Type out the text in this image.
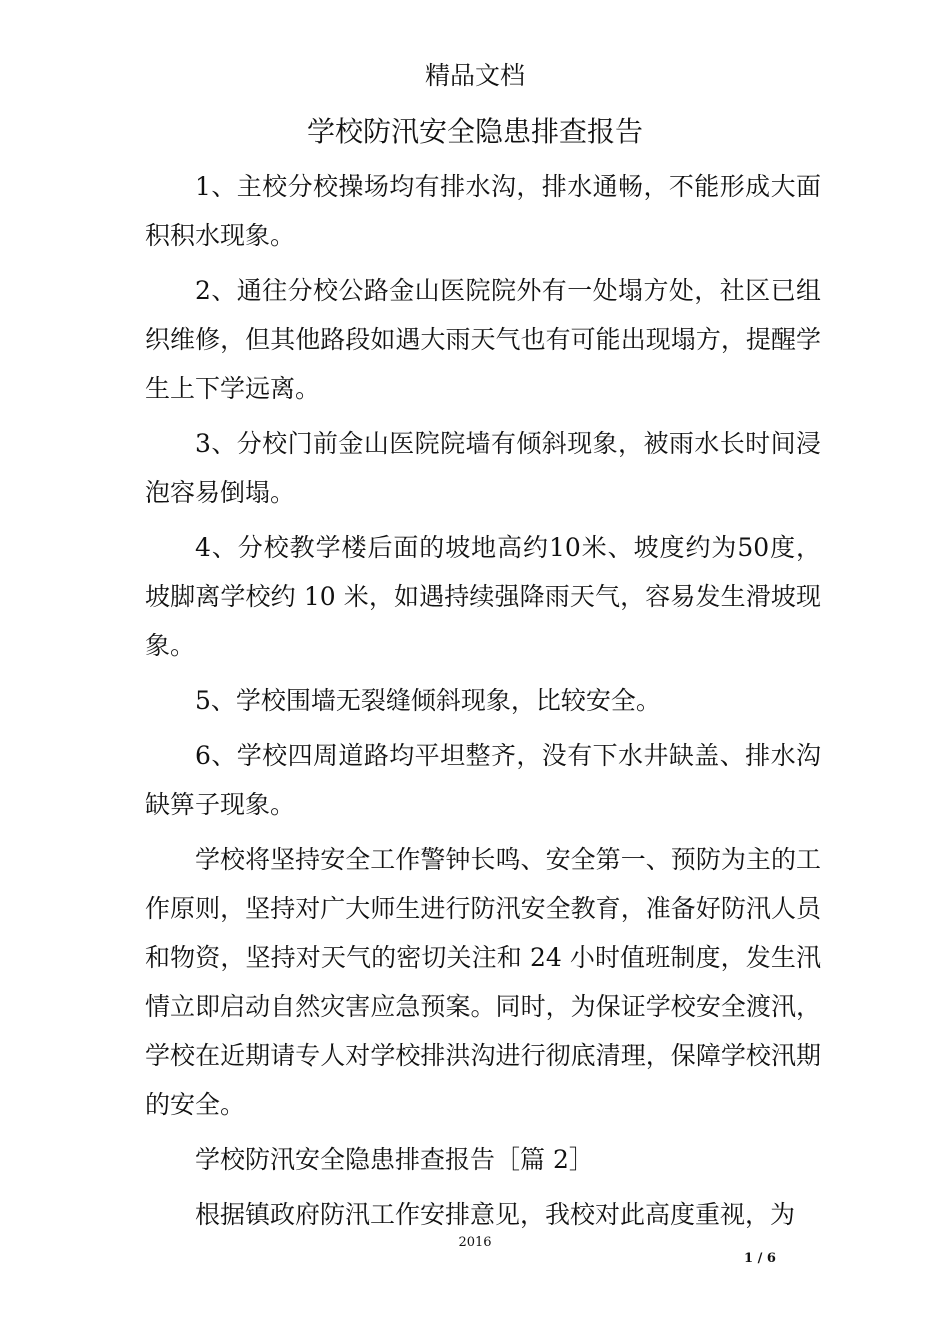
精品文档
学校防汛安全隐患排查报告

1、主校分校操场均有排水沟，排水通畅，不能形成大面积积水现象。

2、通往分校公路金山医院院外有一处塌方处，社区已组织维修，但其他路段如遇大雨天气也有可能出现塌方，提醒学生上下学远离。

3、分校门前金山医院院墙有倾斜现象，被雨水长时间浸泡容易倒塌。

4、分校教学楼后面的坡地高约10米、坡度约为50度，坡脚离学校约 10 米，如遇持续强降雨天气，容易发生滑坡现象。

5、学校围墙无裂缝倾斜现象，比较安全。

6、学校四周道路均平坦整齐，没有下水井缺盖、排水沟缺箅子现象。

学校将坚持安全工作警钟长鸣、安全第一、预防为主的工作原则，坚持对广大师生进行防汛安全教育，准备好防汛人员和物资，坚持对天气的密切关注和 24 小时值班制度，发生汛情立即启动自然灾害应急预案。同时，为保证学校安全渡汛，学校在近期请专人对学校排洪沟进行彻底清理，保障学校汛期的安全。

学校防汛安全隐患排查报告［篇 2］

根据镇政府防汛工作安排意见，我校对此高度重视，为

2016
1 / 6
